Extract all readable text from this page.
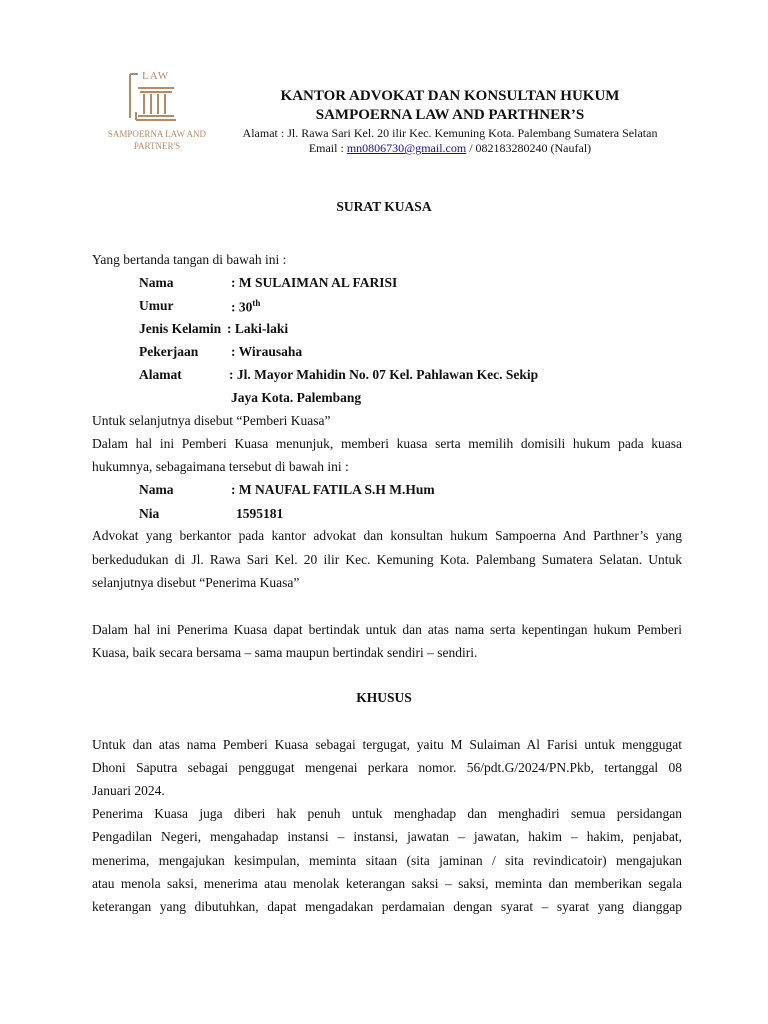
LAW
SAMPOERNA LAW AND
PARTNER'S
KANTOR ADVOKAT DAN KONSULTAN HUKUM
SAMPOERNA LAW AND PARTHNER’S
Alamat : Jl. Rawa Sari Kel. 20 ilir Kec. Kemuning Kota. Palembang Sumatera Selatan
Email : mn0806730@gmail.com / 082183280240 (Naufal)
SURAT KUASA
Yang bertanda tangan di bawah ini :
Nama	: M SULAIMAN AL FARISI
Umur	: 30th
Jenis Kelamin : Laki-laki
Pekerjaan : Wirausaha
Alamat	: Jl. Mayor Mahidin No. 07 Kel. Pahlawan Kec. Sekip
Jaya Kota. Palembang
Untuk selanjutnya disebut “Pemberi Kuasa”
Dalam hal ini Pemberi Kuasa menunjuk, memberi kuasa serta memilih domisili hukum pada kuasa
hukumnya, sebagaimana tersebut di bawah ini :
Nama	: M NAUFAL FATILA S.H M.Hum
Nia	1595181
Advokat yang berkantor pada kantor advokat dan konsultan hukum Sampoerna And Parthner’s yang
berkedudukan di Jl. Rawa Sari Kel. 20 ilir Kec. Kemuning Kota. Palembang Sumatera Selatan. Untuk
selanjutnya disebut “Penerima Kuasa”
Dalam hal ini Penerima Kuasa dapat bertindak untuk dan atas nama serta kepentingan hukum Pemberi
Kuasa, baik secara bersama – sama maupun bertindak sendiri – sendiri.
KHUSUS
Untuk dan atas nama Pemberi Kuasa sebagai tergugat, yaitu M Sulaiman Al Farisi untuk menggugat
Dhoni Saputra sebagai penggugat mengenai perkara nomor. 56/pdt.G/2024/PN.Pkb, tertanggal 08
Januari 2024.
Penerima Kuasa juga diberi hak penuh untuk menghadap dan menghadiri semua persidangan
Pengadilan Negeri, mengahadap instansi – instansi, jawatan – jawatan, hakim – hakim, penjabat,
menerima, mengajukan kesimpulan, meminta sitaan (sita jaminan / sita revindicatoir) mengajukan
atau menola saksi, menerima atau menolak keterangan saksi – saksi, meminta dan memberikan segala
keterangan yang dibutuhkan, dapat mengadakan perdamaian dengan syarat – syarat yang dianggap
